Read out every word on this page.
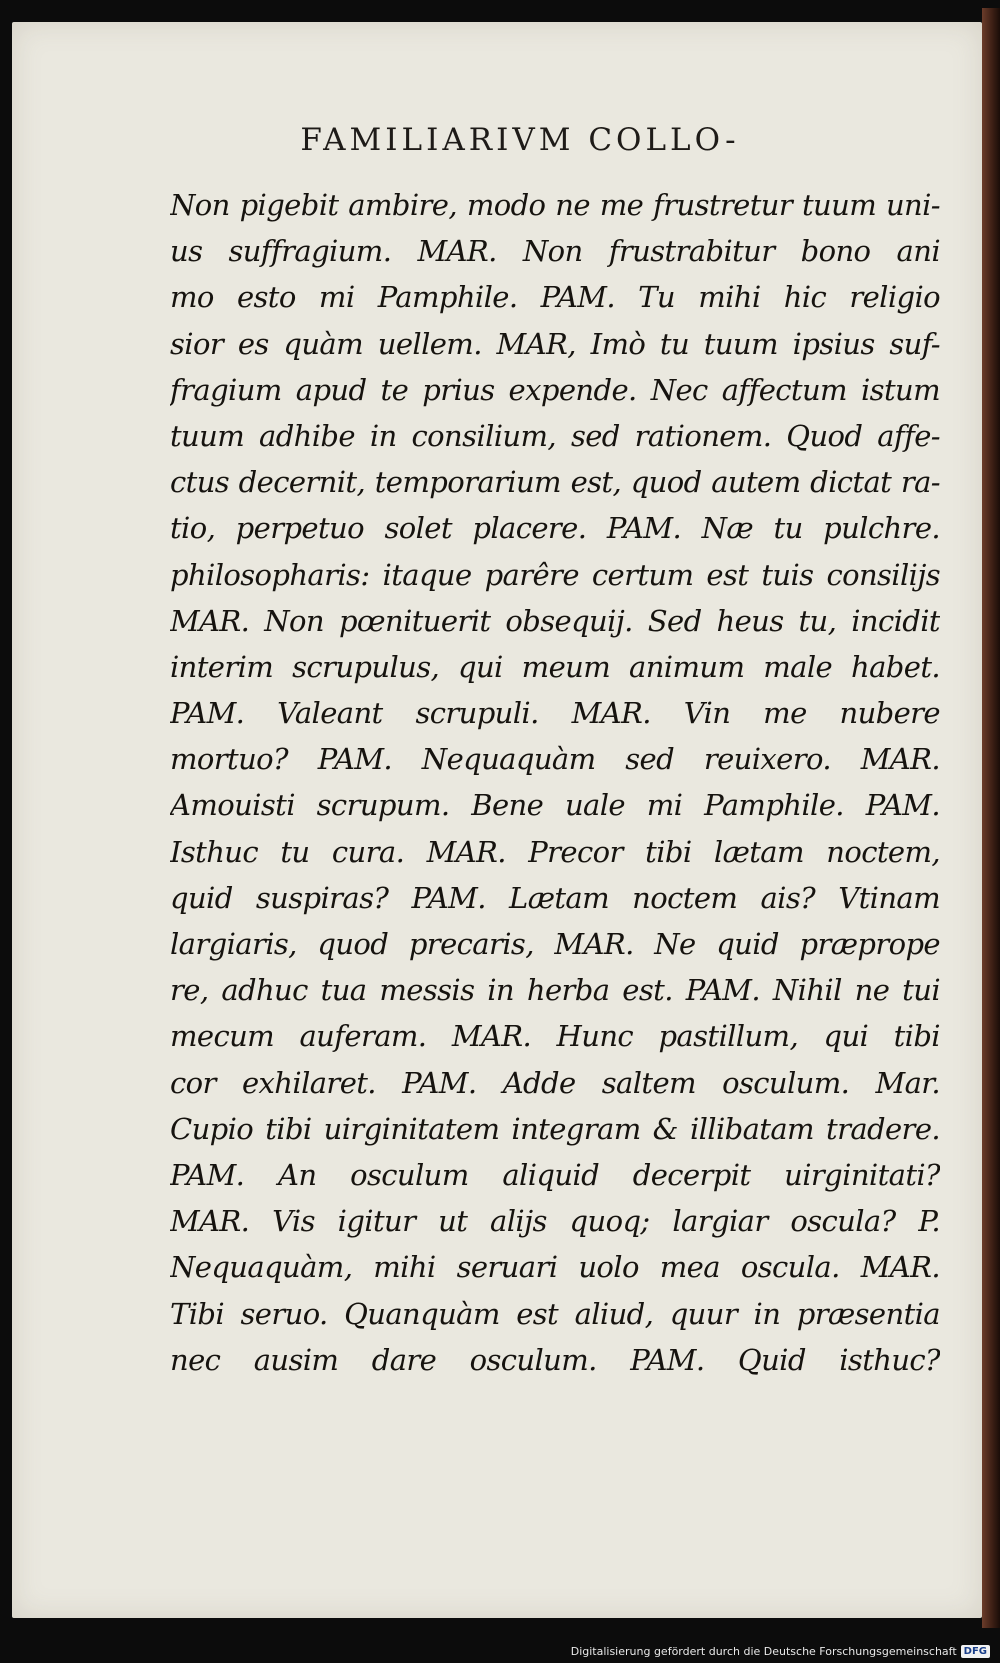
FAMILIARIVM COLLO-
Non pigebit ambire, modo ne me frustretur tuum uni-
us suffragium. MAR. Non frustrabitur bono ani
mo esto mi Pamphile. PAM. Tu mihi hic religio
sior es quàm uellem. MAR, Imò tu tuum ipsius suf-
fragium apud te prius expende. Nec affectum istum
tuum adhibe in consilium, sed rationem. Quod affe-
ctus decernit, temporarium est, quod autem dictat ra-
tio, perpetuo solet placere. PAM. Næ tu pulchre.
philosopharis: itaque parêre certum est tuis consilijs
MAR. Non pœnituerit obsequij. Sed heus tu, incidit
interim scrupulus, qui meum animum male habet.
PAM. Valeant scrupuli. MAR. Vin me nubere
mortuo? PAM. Nequaquàm sed reuixero. MAR.
Amouisti scrupum. Bene uale mi Pamphile. PAM.
Isthuc tu cura. MAR. Precor tibi lætam noctem,
quid suspiras? PAM. Lætam noctem ais? Vtinam
largiaris, quod precaris, MAR. Ne quid præprope
re, adhuc tua messis in herba est. PAM. Nihil ne tui
mecum auferam. MAR. Hunc pastillum, qui tibi
cor exhilaret. PAM. Adde saltem osculum. Mar.
Cupio tibi uirginitatem integram & illibatam tradere.
PAM. An osculum aliquid decerpit uirginitati?
MAR. Vis igitur ut alijs quoq; largiar oscula? P.
Nequaquàm, mihi seruari uolo mea oscula. MAR.
Tibi seruo. Quanquàm est aliud, quur in præsentia
nec ausim dare osculum. PAM. Quid isthuc?
Digitalisierung gefördert durch die Deutsche Forschungsgemeinschaft DFG
